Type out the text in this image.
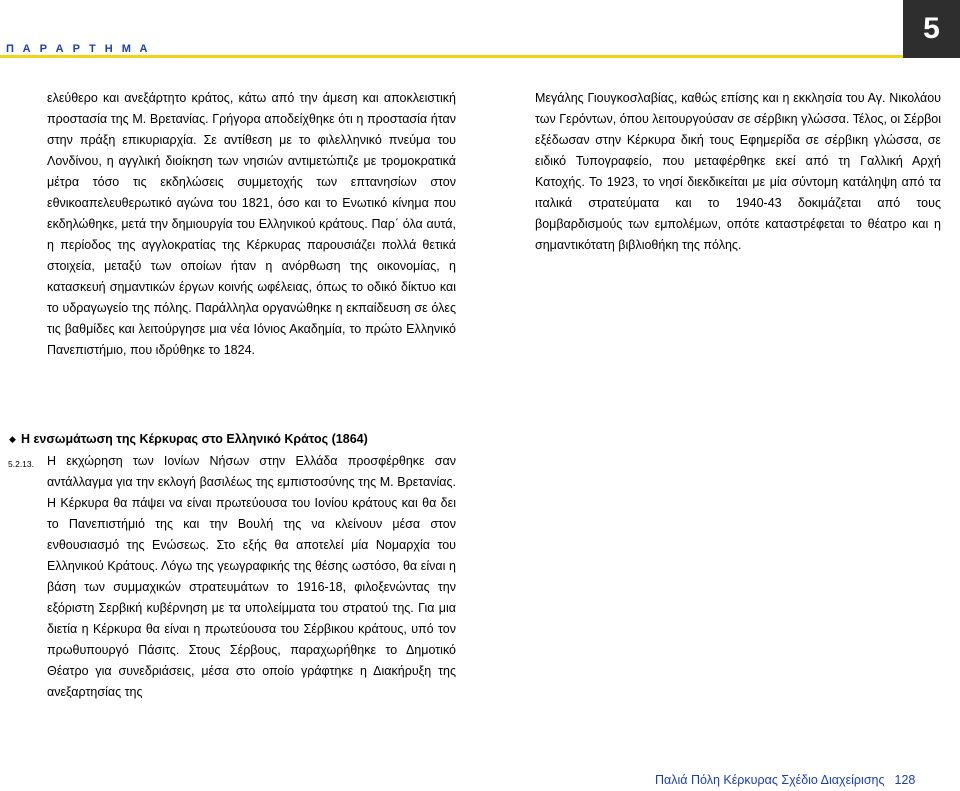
Π Α Ρ Α Ρ Τ Η Μ Α
5

ελεύθερο και ανεξάρτητο κράτος, κάτω από την άμεση και αποκλειστική προστασία της Μ. Βρετανίας. Γρήγορα αποδείχθηκε ότι η προστασία ήταν στην πράξη επικυριαρχία. Σε αντίθεση με το φιλελληνικό πνεύμα του Λονδίνου, η αγγλική διοίκηση των νησιών αντιμετώπιζε με τρομοκρατικά μέτρα τόσο τις εκδηλώσεις συμμετοχής των επτανησίων στον εθνικοαπελευθερωτικό αγώνα του 1821, όσο και το Ενωτικό κίνημα που εκδηλώθηκε, μετά την δημιουργία του Ελληνικού κράτους. Παρ΄ όλα αυτά, η περίοδος της αγγλοκρατίας της Κέρκυρας παρουσιάζει πολλά θετικά στοιχεία, μεταξύ των οποίων ήταν η ανόρθωση της οικονομίας, η κατασκευή σημαντικών έργων κοινής ωφέλειας, όπως το οδικό δίκτυο και το υδραγωγείο της πόλης. Παράλληλα οργανώθηκε η εκπαίδευση σε όλες τις βαθμίδες και λειτούργησε μια νέα Ιόνιος Ακαδημία, το πρώτο Ελληνικό Πανεπιστήμιο, που ιδρύθηκε το 1824.

Μεγάλης Γιουγκοσλαβίας, καθώς επίσης και η εκκλησία του Αγ. Νικολάου των Γερόντων, όπου λειτουργούσαν σε σέρβικη γλώσσα. Τέλος, οι Σέρβοι εξέδωσαν στην Κέρκυρα δική τους Εφημερίδα σε σέρβικη γλώσσα, σε ειδικό Τυπογραφείο, που μεταφέρθηκε εκεί από τη Γαλλική Αρχή Κατοχής. Το 1923, το νησί διεκδικείται με μία σύντομη κατάληψη από τα ιταλικά στρατεύματα και το 1940-43 δοκιμάζεται από τους βομβαρδισμούς των εμπολέμων, οπότε καταστρέφεται το θέατρο και η σημαντικότατη βιβλιοθήκη της πόλης.

◆ Η ενσωμάτωση της Κέρκυρας στο Ελληνικό Κράτος (1864)
5.2.13. Η εκχώρηση των Ιονίων Νήσων στην Ελλάδα προσφέρθηκε σαν αντάλλαγμα για την εκλογή βασιλέως της εμπιστοσύνης της Μ. Βρετανίας. Η Κέρκυρα θα πάψει να είναι πρωτεύουσα του Ιονίου κράτους και θα δει το Πανεπιστήμιό της και την Βουλή της να κλείνουν μέσα στον ενθουσιασμό της Ενώσεως. Στο εξής θα αποτελεί μία Νομαρχία του Ελληνικού Κράτους. Λόγω της γεωγραφικής της θέσης ωστόσο, θα είναι η βάση των συμμαχικών στρατευμάτων το 1916-18, φιλοξενώντας την εξόριστη Σερβική κυβέρνηση με τα υπολείμματα του στρατού της. Για μια διετία η Κέρκυρα θα είναι η πρωτεύουσα του Σέρβικου κράτους, υπό τον πρωθυπουργό Πάσιτς. Στους Σέρβους, παραχωρήθηκε το Δημοτικό Θέατρο για συνεδριάσεις, μέσα στο οποίο γράφτηκε η Διακήρυξη της ανεξαρτησίας της

Παλιά Πόλη Κέρκυρας Σχέδιο Διαχείρισης 128
